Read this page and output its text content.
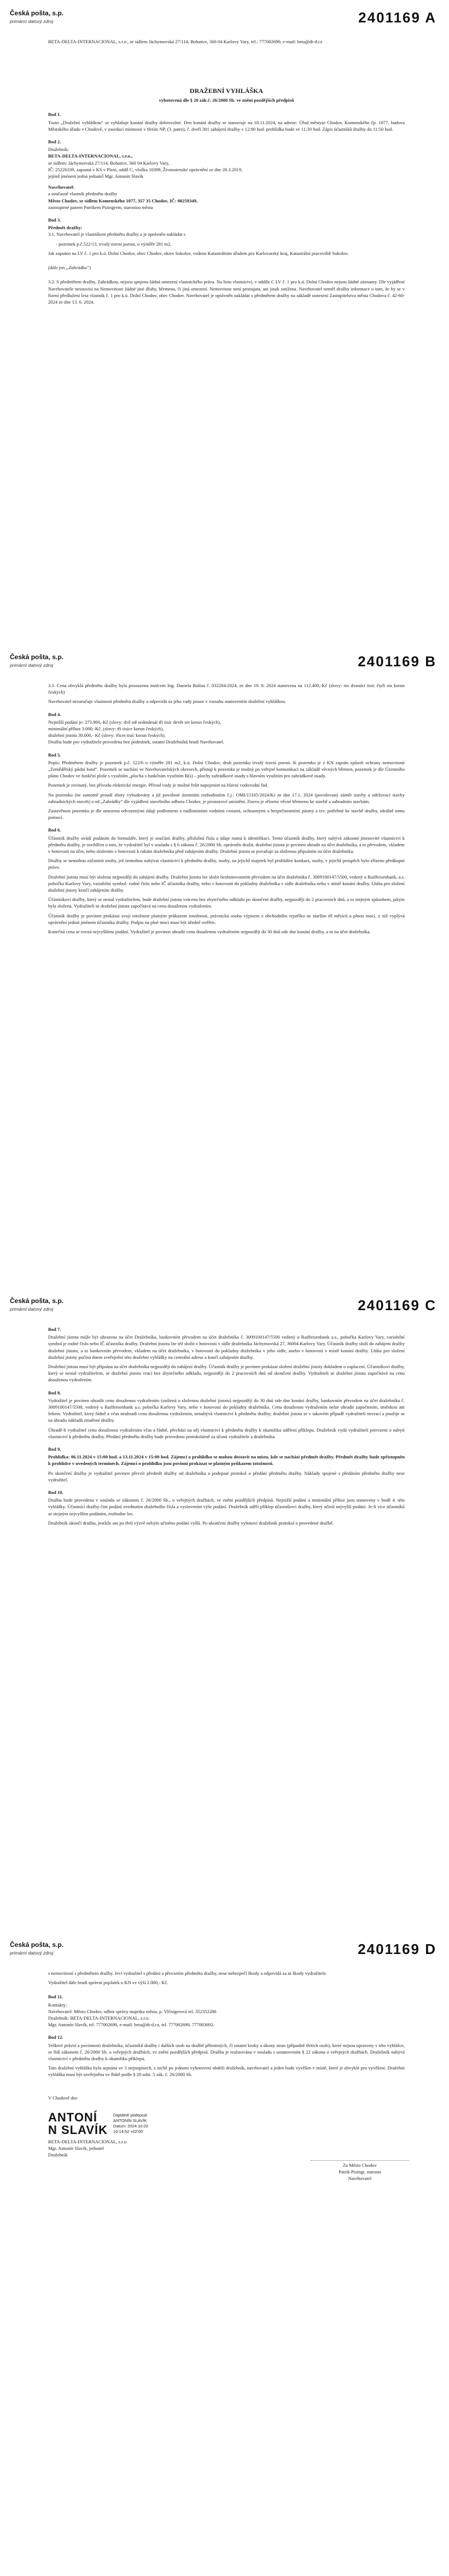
Česká pošta, s.p.
primární datový zdroj	2401169 A

BETA-DELTA-INTERNACIONAL, s.r.o., se sídlem Jáchymovská 27/114, Bohatice, 360 04 Karlovy Vary, tel.: 777002690, e-mail: beta@dt-d.cz

DRAŽEBNÍ VYHLÁŠKA
vyhotovená dle § 20 zák.č. 26/2000 Sb. ve znění pozdějších předpisů
Bod 1.

Touto „Dražební vyhláškou“ se vyhlašuje konání dražby dobrovolné. Den konání dražby se stanovuje na 18.11.2024, na adrese: Úřad městyse Chodov, Komenského čp. 1077, budova Městského úřadu v Chodově, v zasedací místnosti v třetím NP, (3. patro), č. dveří 301 zahájení dražby v 12:00 hod. prohlídka bude ve 11:30 hod. Zápis účastníků dražby do 11:50 hod.

Bod 2.

Dražebník:

BETA-DELTA-INTERNACIONAL, s.r.o.,

se sídlem: Jáchymovská 27/114, Bohatice, 360 04 Karlovy Vary,

IČ: 25226339, zapsaná v KS v Plzni, oddíl C, vložka 10398, Živnostenské oprávnění ze dne 28.3.2019,

jejímž jménem jedná jednatel Mgr. Antonín Slavík

Navrhovatel:

a současně vlastník předmětu dražby

Město Chodov, se sídlem Komenského 1077, 357 35 Chodov, IČ: 00259349,

zastoupené panem Patrikem Pizingrem, starostou města

Bod 3.

Předmět dražby:

3.1. Navrhovatel je vlastníkem předmětu dražby a je oprávněn nakládat s

- pozemek p.č.522/13, trvalý travní porost, o výměře 281 m2,

Jak zapsáno na LV č. 1 pro k.ú. Dolní Chodov, obec Chodov, okres Sokolov, vedeno Katastrálním úřadem pro Karlovarský kraj, Katastrální pracoviště Sokolov.

(dále jen „Zahrádka“)

3.2. S předmětem dražby, Zahrádkou, nejsou spojena žádná omezení vlastnického práva. Na listu vlastnictví, v oddíle C LV č. 1 pro k.ú. Dolní Chodov nejsou žádné záznamy. Dle vyjádření Navrhovatele nesouvisí na Nemovitosti žádné jiné dluhy, břemena, či jiná omezení. Nemovitost není pronajata, ani jinak zatížena. Navrhovatel neměl dražby informace o tom, že by se v řízení předlužení lesa vlastník č. 1 pro k.ú. Dolní Chodov, obec Chodov. Navrhovatel je oprávněn nakládat s předmětem dražby na základě usnesení Zastupitelstva města Chodova č. 42-60-2024 ze dne 13. 6. 2024.

Česká pošta, s.p.
primární datový zdroj	2401169 B

3.3. Cena obvyklá předmětu dražby byla posouzena znalcem Ing. Daniela Balína č. 032204/2024, ze dne 19. 8. 2024 stanovena na 112.400,-Kč (slovy: sto dvanáct tisíc čtyři sta korun českých)

Navrhovatel nezaručuje vlastnosti předmětu dražby a odpovídá za jeho vady pouze v rozsahu stanoveném dražební vyhláškou.

Bod 4.

Nejnižší podání je: 273.900,-Kč (slovy: dvě stě sedmdesát tři tisíc devět set korun českých),

minimální příhoz 3.000,-Kč, (slovy: tři tisíce korun českých),

dražební jistota 30.000,- Kč (slovy: třicet tisíc korun českých).

Dražba bude pro vydražitele provedena bez podmínek, ostatní Dražebníků hradí Navrhovatel.

Bod 5.

Popis: Předmětem dražby je pozemek p.č. 522/6 o výměře 281 m2, k.ú. Dolní Chodov, druh pozemku trvalý travní porost. K pozemku je z KN zapsán způsob ochrany nemovitosti „Zemědělský půdní fond“. Pozemek se nachází ve Navrhovatelských okresech, přístup k pozemku je možný po veřejné komunikaci na základě věcných břemen, pozemek je dle Územního plánu Chodov ve funkční ploše s využitím „plocha s funkčním využitím B(s) – plochy zahrádkové osady s hlavním využitím pro zahrádkové osady.

Pozemek je rovinatý, bez přívodu elektrické energie. Přívod vody je možné řešit napojením na hlavní vodovodní řad.

Na pozemku (ne samotně proudí zhoty vybudovány a již povolené územním rozhodnutím č.j.: OMI/15165/2024/Kr ze dne 17.1. 2024 (povolovaný záměr stavby a udržovací stavby zahradnických staveb) a od „Zahrádky“ dle vyjádření stavebního odboru Chodov, je prostorové umístění. Znovu je zřízeno věcné břemeno ke stavbě a zahradním stavbám.

Zastavěnost pozemku je dle omezena odvozenými údaji podlomeno a nadlimitními vodními cestami, ochrannými a bezpečnostními pásmy a tzv. potřebné ke stavbě dražby, ideálně tomu pomocí.

Bod 6.

Účastník dražby uvádí podáním do formuláře, který je součástí dražby, příslušná čísla a údaje nutná k identifikaci. Tento účastník dražby, který nabývá zákonné jmenovité vlastnictví k předmětu dražby, je osvědčen o tom, že vydražitel byl v souladu s § 6 zákona č. 26/2000 Sb. oprávněn dražit; dražební jistotu je povinen uhradit na účet dražebníka, a to převodem, vkladem v hotovosti na účet, nebo složením v hotovosti k rukám dražebníka před zahájením dražby. Dražební jistota se považuje za složenou připsáním na účet dražebníka.

Dražby se nemohou zúčastnit osoby, jež nemohou nabývat vlastnictví k předmětu dražby, osoby, na jejichž majetek byl prohlášen konkurs, osoby, v jejichž prospěch bylo zřízeno předkupní právo.

Dražební jistota musí být složena nejpozději do zahájení dražby. Dražební jistotu lze složit bezhotovostním převodem na účet dražebníka č. 3009100147/5500, vedený u Raiffeisenbank, a.s. pobočka Karlovy Vary, variabilní symbol: rodné číslo nebo IČ účastníka dražby, nebo v hotovosti do pokladny dražebníka v sídle dražebníka nebo v místě konání dražby. Lhůta pro složení dražební jistoty končí zahájením dražby.

Účastníkovi dražby, který se nestal vydražitelem, bude dražební jistota vrácena bez zbytečného odkladu po skončení dražby, nejpozději do 2 pracovních dnů, a to stejným způsobem, jakým byla složena. Vydražiteli se dražební jistota započítává na cenu dosaženou vydražením.

Účastník dražby je povinen prokázat svoji totožnost platným průkazem totožnosti, právnická osoba výpisem z obchodního rejstříku ne starším tří měsíců a plnou mocí, z níž vyplývá oprávnění jednat jménem účastníka dražby. Podpis na plné moci musí být úředně ověřen.

Konečná cena se rovná nejvyššímu podání. Vydražitel je povinen uhradit cenu dosaženou vydražením nejpozději do 30 dnů ode dne konání dražby, a to na účet dražebníka.

Česká pošta, s.p.
primární datový zdroj	2401169 C
Bod 7.

Dražební jistota může být uhrazena na účet Dražebníka, bankovním převodem na účet dražebníka č. 3009100147/5500 vedený u Raiffeisenbank a.s., pobočka Karlovy Vary, variabilní symbol je rodné číslo nebo IČ účastníka dražby. Dražební jistotu lze též složit v hotovosti v sídle dražebníka Jáchymovská 27, 36004 Karlovy Vary. Účastník dražby složí do zahájení dražby dražební jistotu, a to bankovním převodem, vkladem na účet dražebníka, v hotovosti do pokladny dražebníka v jeho sídle, anebo v hotovosti v místě konání dražby. Lhůta pro složení dražební jistoty počíná dnem zveřejnění této dražební vyhlášky na centrální adrese a končí zahájením dražby.

Dražební jistota musí být připsána na účet dražebníka nejpozději do zahájení dražby. Účastník dražby je povinen prokázat složení dražební jistoty dokladem o zaplacení. Účastníkovi dražby, který se nestal vydražitelem, se dražební jistota vrací bez zbytečného odkladu, nejpozději do 2 pracovních dnů od skončení dražby. Vydražiteli se dražební jistota započítává na cenu dosaženou vydražením.

Bod 8.

Vydražitel je povinen uhradit cenu dosaženou vydražením (snížená o složenou dražební jistotu) nejpozději do 30 dnů ode dne konání dražby, bankovním převodem na účet dražebníka č. 3009100147/5500, vedený u Raiffeisenbank a.s. pobočka Karlovy Vary, nebo v hotovosti do pokladny dražebníka. Cenu dosaženou vydražením nelze uhradit započtením, směnkou ani šekem. Vydražitel, který řádně a včas neuhradí cenu dosaženou vydražením, nenabývá vlastnictví k předmětu dražby; dražební jistota se v takovém případě vydražiteli nevrací a použije se na úhradu nákladů zmařené dražby.

Úhradě-li vydražitel cenu dosaženou vydražením včas a řádně, přechází na něj vlastnictví k předmětu dražby k okamžiku udělení příklepu. Dražebník vydá vydražiteli potvrzení o nabytí vlastnictví k předmětu dražby. Předání předmětu dražby bude provedeno protokolárně za účasti vydražitele a dražebníka.

Bod 9.

Prohlídka: 06.11.2024 v 15:00 hod. a 13.11.2024 v 15:00 hod. Zájemci o prohlídku se mohou dostavit na místo, kde se nachází předmět dražby. Předmět dražby bude zpřístupněn k prohlídce v uvedených termínech. Zájemci o prohlídku jsou povinni prokázat se platným průkazem totožnosti.

Po skončení dražby je vydražitel povinen převzít předmět dražby od dražebníka a podepsat protokol o předání předmětu dražby. Náklady spojené s předáním předmětu dražby nese vydražitel.

Bod 10.

Dražba bude provedena v souladu se zákonem č. 26/2000 Sb., o veřejných dražbách, ve znění pozdějších předpisů. Nejnižší podání a minimální příhoz jsou stanoveny v bodě 4. této vyhlášky. Účastníci dražby činí podání zvednutím dražebního čísla a vyslovením výše podání. Dražebník udělí příklep účastníkovi dražby, který učinil nejvyšší podání. Je-li více účastníků se stejným nejvyšším podáním, rozhodne los.

Dražebník ukončí dražbu, jestliže ani po třetí výzvě nebylo učiněno podání vyšší. Po ukončení dražby vyhotoví dražebník protokol o provedené dražbě.

Česká pošta, s.p.
primární datový zdroj	2401169 D

s nemovitostí s předmětem dražby. Jeví vydražitel s předání a převzetím předmětu dražby, nese nebezpečí škody a odpovídá za ni škody vydražitele.

Vydražitel dále hradí správní poplatek u KN ve výši 2.000,- Kč.

Bod 11.

Kontakty:

Navrhovatel: Město Chodov, odbor správy majetku města, p. Vlčnigerová tel. 352352286

Dražebník: BETA-DELTA-INTERNACIONAL, s.r.o.

Mgr. Antonín Slavík, tel. 777002690, e-mail: beta@dt-d.cz, tel. 777002690, 777003692.

Bod 12.

Veškeré právní a povinnosti dražebníka, účastníků dražby i dalších osob na dražbě přítomných, či ostatní kroky a úkony stran (případně třetích osob), které nejsou upraveny v této vyhlášce, se řídí zákonem č. 26/2000 Sb. o veřejných dražbách, ve znění pozdějších předpisů. Dražba je realizována v souladu s ustanovením § 22 zákona o veřejných dražbách. Dražebník nabývá vlastnictví v předmětu dražby k okamžiku příklepu.

Tato dražební vyhláška byla sepsána ve 3 stejnopisech, z nichž po jednom vyhotovení obdrží dražebník, navrhovatel a jeden bude vyvěšen v místě, které je obvyklé pro vyvěšení. Dražební vyhláška musí být uveřejněna ve lhůtě podle § 20 odst. 5 zák. č. 26/2000 Sb.

V Chodově dne

ANTONÍ
N SLAVÍK
Digitálně podepsal
ANTONÍN SLAVÍK
Datum: 2024.10.02
10:14:52 +02'00'

BETA-DELTA-INTERNACIONAL, s.r.o.

Mgr. Antonín Slavík, jednatel

Dražebník

Za Město Chodov

Patrik Pizingr, starosta

Navrhovatel
